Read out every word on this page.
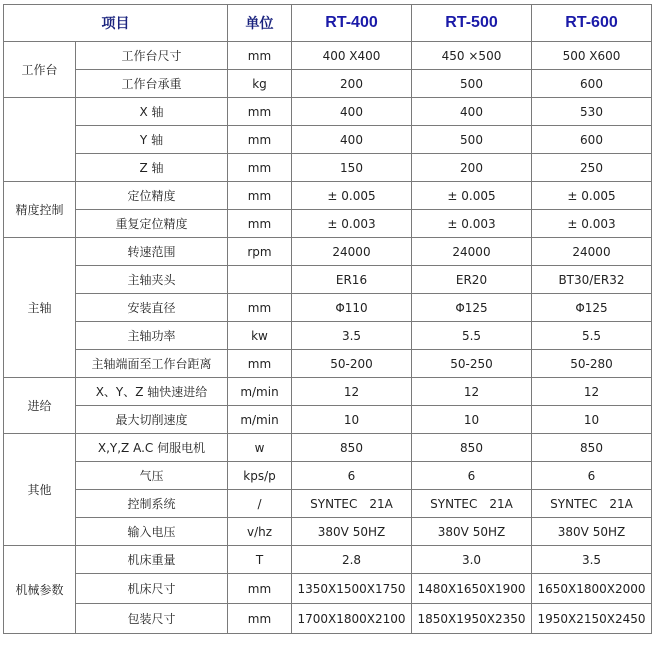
项目		单位	RT-400	RT-500	RT-600
工作台	工作台尺寸	mm	400 X400	450 ×500	500 X600
	工作台承重	kg	200	500	600
	X 轴	mm	400	400	530
	Y 轴	mm	400	500	600
	Z 轴	mm	150	200	250
精度控制	定位精度	mm	± 0.005	± 0.005	± 0.005
	重复定位精度	mm	± 0.003	± 0.003	± 0.003
主轴	转速范围	rpm	24000	24000	24000
	主轴夹头		ER16	ER20	BT30/ER32
	安装直径	mm	Φ110	Φ125	Φ125
	主轴功率	kw	3.5	5.5	5.5
	主轴端面至工作台距离	mm	50-200	50-250	50-280
进给	X、Y、Z 轴快速进给	m/min	12	12	12
	最大切削速度	m/min	10	10	10
其他	X,Y,Z A.C 伺服电机	w	850	850	850
	气压	kps/p	6	6	6
	控制系统	/	SYNTEC　21A	SYNTEC　21A	SYNTEC　21A
	输入电压	v/hz	380V 50HZ	380V 50HZ	380V 50HZ
机械参数	机床重量	T	2.8	3.0	3.5
	机床尺寸	mm	1350X1500X1750	1480X1650X1900	1650X1800X2000
	包装尺寸	mm	1700X1800X2100	1850X1950X2350	1950X2150X2450
